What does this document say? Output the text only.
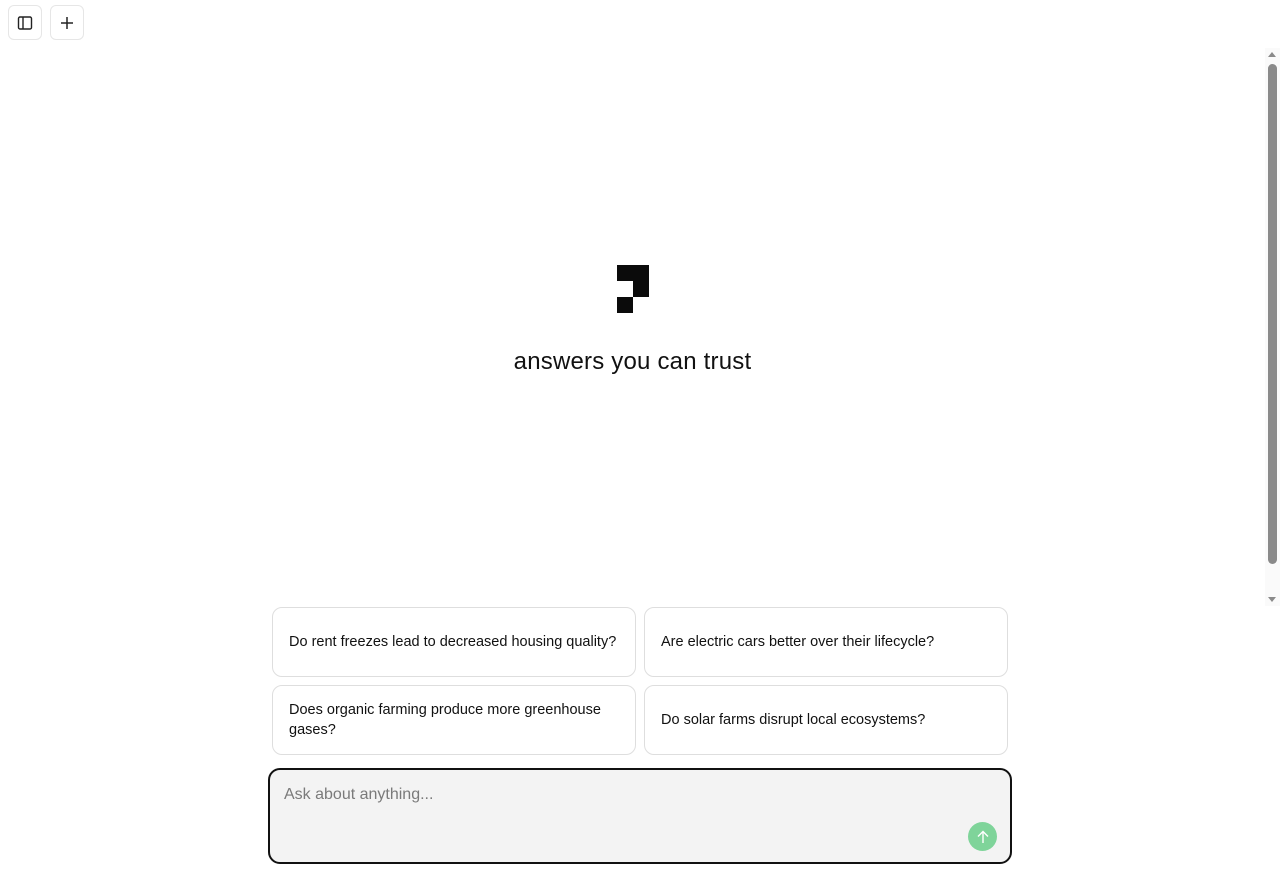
answers you can trust
Do rent freezes lead to decreased housing quality?	Are electric cars better over their lifecycle?
Does organic farming produce more greenhouse gases?
Do solar farms disrupt local ecosystems?
Ask about anything...
